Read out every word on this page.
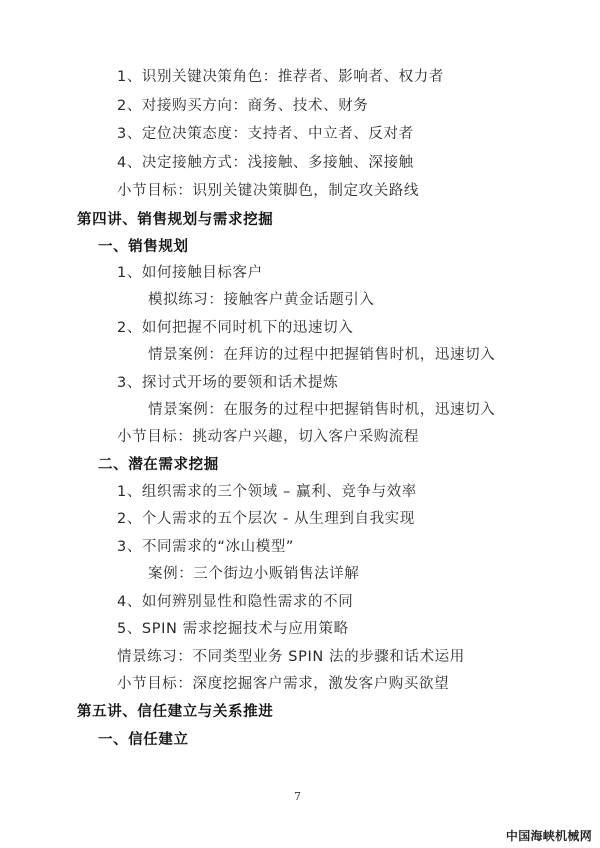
1、识别关键决策角色：推荐者、影响者、权力者
2、对接购买方向：商务、技术、财务
3、定位决策态度：支持者、中立者、反对者
4、决定接触方式：浅接触、多接触、深接触
小节目标：识别关键决策脚色，制定攻关路线
第四讲、销售规划与需求挖掘
一、销售规划
1、如何接触目标客户
模拟练习：接触客户黄金话题引入
2、如何把握不同时机下的迅速切入
情景案例：在拜访的过程中把握销售时机，迅速切入
3、探讨式开场的要领和话术提炼
情景案例：在服务的过程中把握销售时机，迅速切入
小节目标：挑动客户兴趣，切入客户采购流程
二、潜在需求挖掘
1、组织需求的三个领域 – 赢利、竞争与效率
2、个人需求的五个层次 - 从生理到自我实现
3、不同需求的“冰山模型”
案例：三个街边小贩销售法详解
4、如何辨别显性和隐性需求的不同
5、SPIN 需求挖掘技术与应用策略
情景练习：不同类型业务 SPIN 法的步骤和话术运用
小节目标：深度挖掘客户需求，激发客户购买欲望
第五讲、信任建立与关系推进
一、信任建立
7
中国海峡机械网
